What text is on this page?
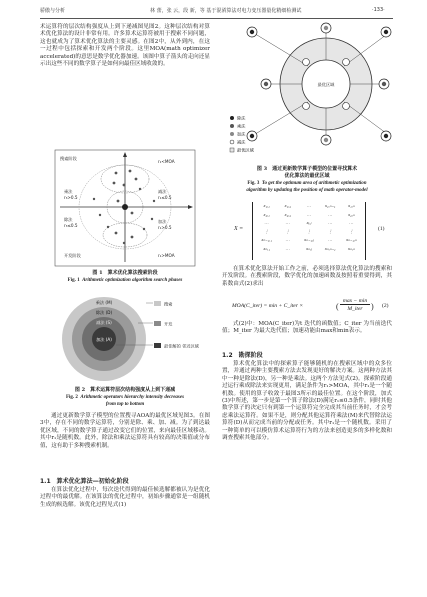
骄傲与分析	林 蕾，张 云，段 新，等 基于混淆算法对电力变压器量化精细检测试	·133·

术运算符的层次结构强度从上到下递减图见图2。这种层次结构对算术优化算法的设计非常有用。许多算术运算符被用于搜索不同问题，这也就成为了算术优化算法的主要灵感。在图2中，从外到内，在这一过程中包括探索和开发两个阶段。这里MOA(math optimizer accelerated)的意思是数学优化器加速。该图中算子箭头的走向还显示出这些不同的数学算子是如何向最佳区域收敛的。

搜索阶段
减法
r₁≤0.5
加法
r₁>0.5
乘法
除法
r₃≤0.5
r₃>0.5
开发阶段	r₁>MOA
r₁<MOA
图 1　算术优化算法搜索阶段
Fig. 1 Arithmetic optimization algorithm search phases
乘法 (M)
除法 (D)
减法 (S)
加法 (A)
搜索
开发
最佳解的 邻近区域
图 2　算术运算符层次结构强度从上到下递减
Fig. 2 Arithmetic operators hierarchy intensity decreases
from top to bottom

通过更新数学算子模型的位置搜寻AOA的最优区域见图3。在图3中，存在不同的数学运算符，分别是除、乘、加、减。为了到达最优区域，不同的数学算子通过改变它们的位置，来向最佳区域移动。其中r₁是随机数。此外，除法和乘法运算符具有较高的决策值或分布值，这有助于多种搜索机制。

1.1　算术优化算法—初始化阶段

在算法优化过程中，每次迭代得到的最佳候选解都被认为是优化过程中的最优解。在该算法的优化过程中，初始步骤通常是一组随机生成的候选解。该优化过程见式(1)

最优区域
除法
乘法
加法
减法
最优区域
图 3　通过更新数学算子模型的位置寻找算术
优化算法的最优区域
Fig. 3 To get the optimum area of arithmetic optimization
algorithm by updating the position of math operator-model
X =
x₁,₁	x₁,₂	…	x₁,ₙ₋₁	x₁,ₙ
x₂,₁	x₂,₂	…	…	x₂,ₙ
…	…	xᵢ,ⱼ	…	…
⋮	⋮	⋮	⋮	⋮
xₙ₋₁,₁	…	xₙ₋₁,ⱼ	…	xₙ₋₁,ₙ
xₙ,₁	…	xₙ,ⱼ	xₙ,ₙ₋₁	xₙ,ₙ
(1)

在算术优化算法开始工作之前，必须选择算法优化算法的搜索和开发阶段。在搜索阶段，数学优化的加速函数及按照着重要得到，其系数由式(2)求出

MOA(C_iter) = min + C_iter ×	(
max − min
M_iter	) (2)

式(2)中：MOA(C_iter)为t 迭代的函数值；C_iter 为当前迭代值；M_iter 为最大迭代值；加速功能由max和min表示。

1.2　勘探阶段

算术优化算法中的探索算子能够随机的在搜索区域中的众多位置，并通过两种主要搜索方法去发现更好的解决方案。这两种方法其中一种是除法(D)，另一种是乘法。这两个方法见式(2)。探索阶段通过运行乘成除法来实现更用，满足条件为r₁>MOA，其中r₁是一个随机数。使用的算子收敛于最图3所示的最佳位置。在这个阶段，加式(3)中所述，第一步是第一个算子除法(D)满足r₁≤0.5条件，同时其他数学算子的决定只有到第一个运算符完全完成其当前任务时，才会考虑乘法运算符。如果不是，则分配其他运算符乘法(M)来代替除法运算符(D)从而完成当前的分配或任务。其中r₁是一个随机数。采用了一种简单的可以模仿算术运算符行为的方法来创造更多的多样化数和调查搜索其他部分。
